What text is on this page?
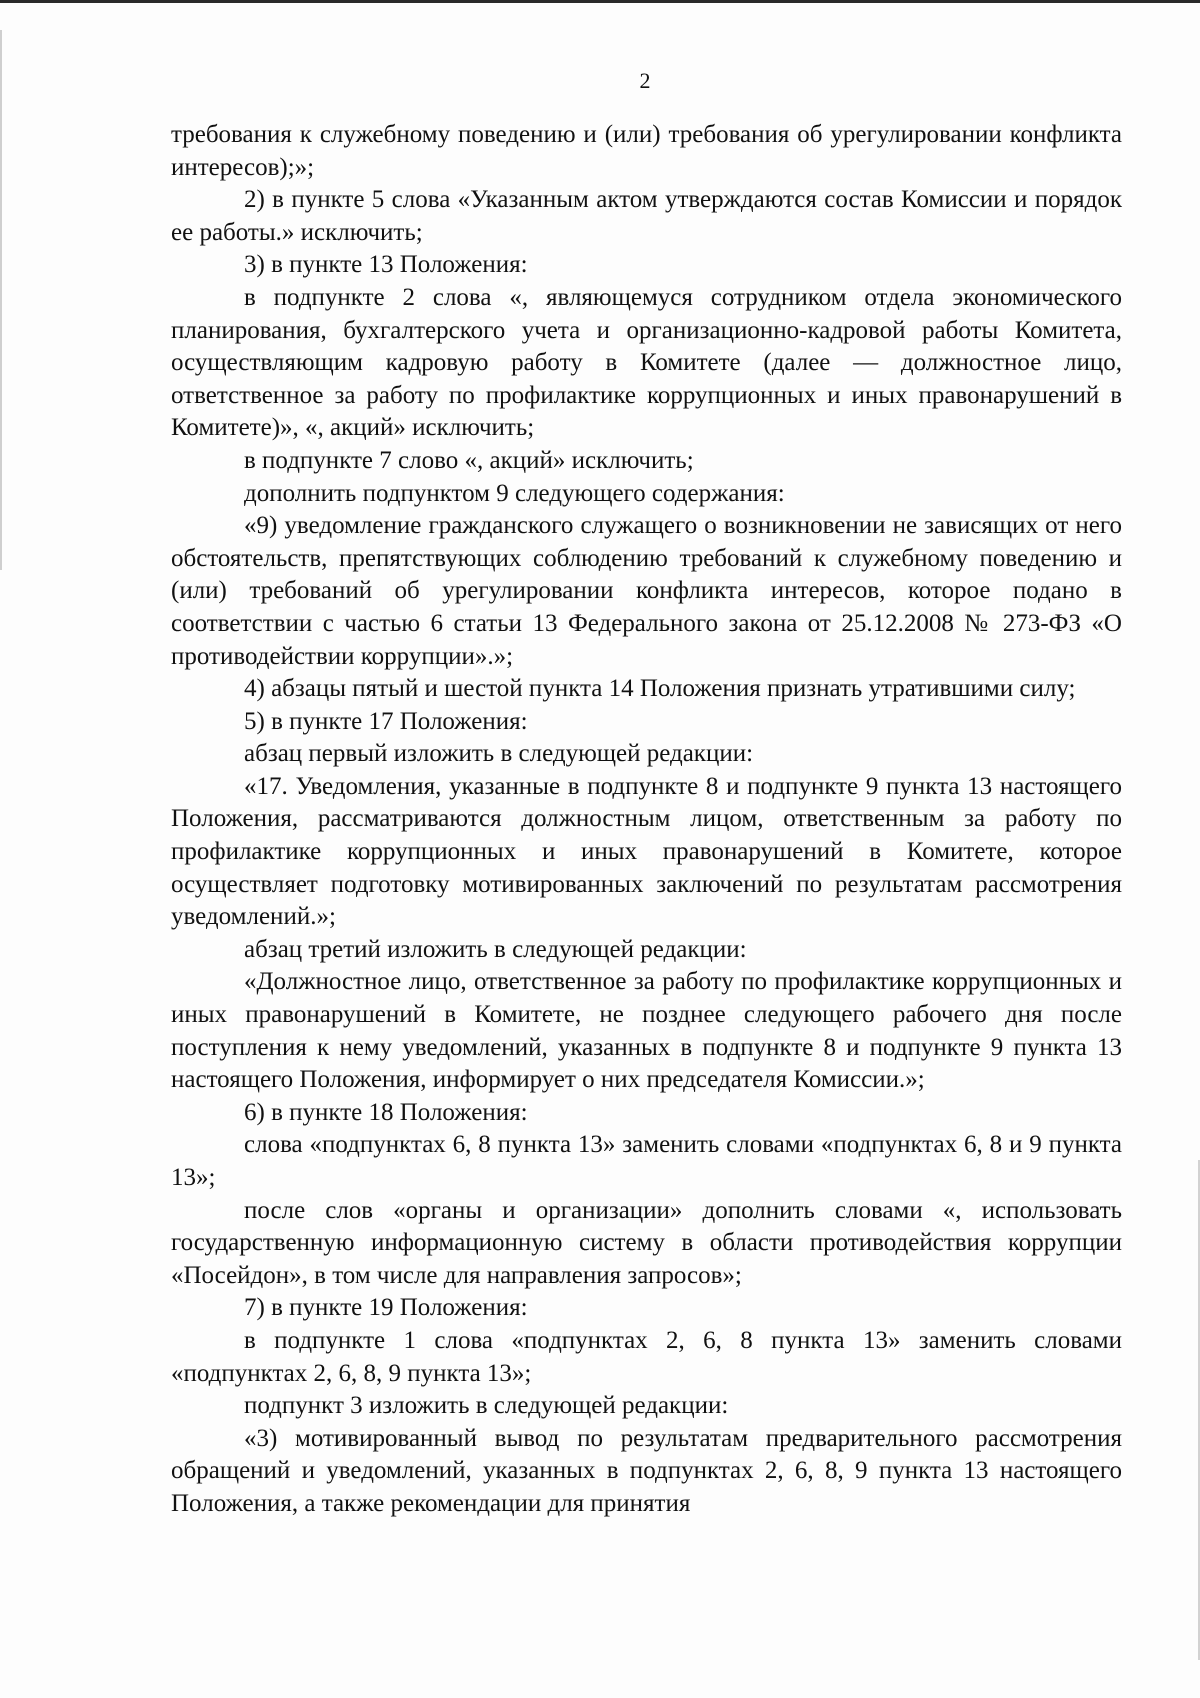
2

требования к служебному поведению и (или) требования об урегулировании конфликта интересов);»;

2) в пункте 5 слова «Указанным актом утверждаются состав Комиссии и порядок ее работы.» исключить;

3) в пункте 13 Положения:

в подпункте 2 слова «, являющемуся сотрудником отдела экономического планирования, бухгалтерского учета и организационно-кадровой работы Комитета, осуществляющим кадровую работу в Комитете (далее — должностное лицо, ответственное за работу по профилактике коррупционных и иных правонарушений в Комитете)», «, акций» исключить;

в подпункте 7 слово «, акций» исключить;

дополнить подпунктом 9 следующего содержания:

«9) уведомление гражданского служащего о возникновении не зависящих от него обстоятельств, препятствующих соблюдению требований к служебному поведению и (или) требований об урегулировании конфликта интересов, которое подано в соответствии с частью 6 статьи 13 Федерального закона от 25.12.2008 № 273-ФЗ «О противодействии коррупции».»;

4) абзацы пятый и шестой пункта 14 Положения признать утратившими силу;

5) в пункте 17 Положения:

абзац первый изложить в следующей редакции:

«17. Уведомления, указанные в подпункте 8 и подпункте 9 пункта 13 настоящего Положения, рассматриваются должностным лицом, ответственным за работу по профилактике коррупционных и иных правонарушений в Комитете, которое осуществляет подготовку мотивированных заключений по результатам рассмотрения уведомлений.»;

абзац третий изложить в следующей редакции:

«Должностное лицо, ответственное за работу по профилактике коррупционных и иных правонарушений в Комитете, не позднее следующего рабочего дня после поступления к нему уведомлений, указанных в подпункте 8 и подпункте 9 пункта 13 настоящего Положения, информирует о них председателя Комиссии.»;

6) в пункте 18 Положения:

слова «подпунктах 6, 8 пункта 13» заменить словами «подпунктах 6, 8 и 9 пункта 13»;

после слов «органы и организации» дополнить словами «, использовать государственную информационную систему в области противодействия коррупции «Посейдон», в том числе для направления запросов»;

7) в пункте 19 Положения:

в подпункте 1 слова «подпунктах 2, 6, 8 пункта 13» заменить словами «подпунктах 2, 6, 8, 9 пункта 13»;

подпункт 3 изложить в следующей редакции:

«3) мотивированный вывод по результатам предварительного рассмотрения обращений и уведомлений, указанных в подпунктах 2, 6, 8, 9 пункта 13 настоящего Положения, а также рекомендации для принятия
